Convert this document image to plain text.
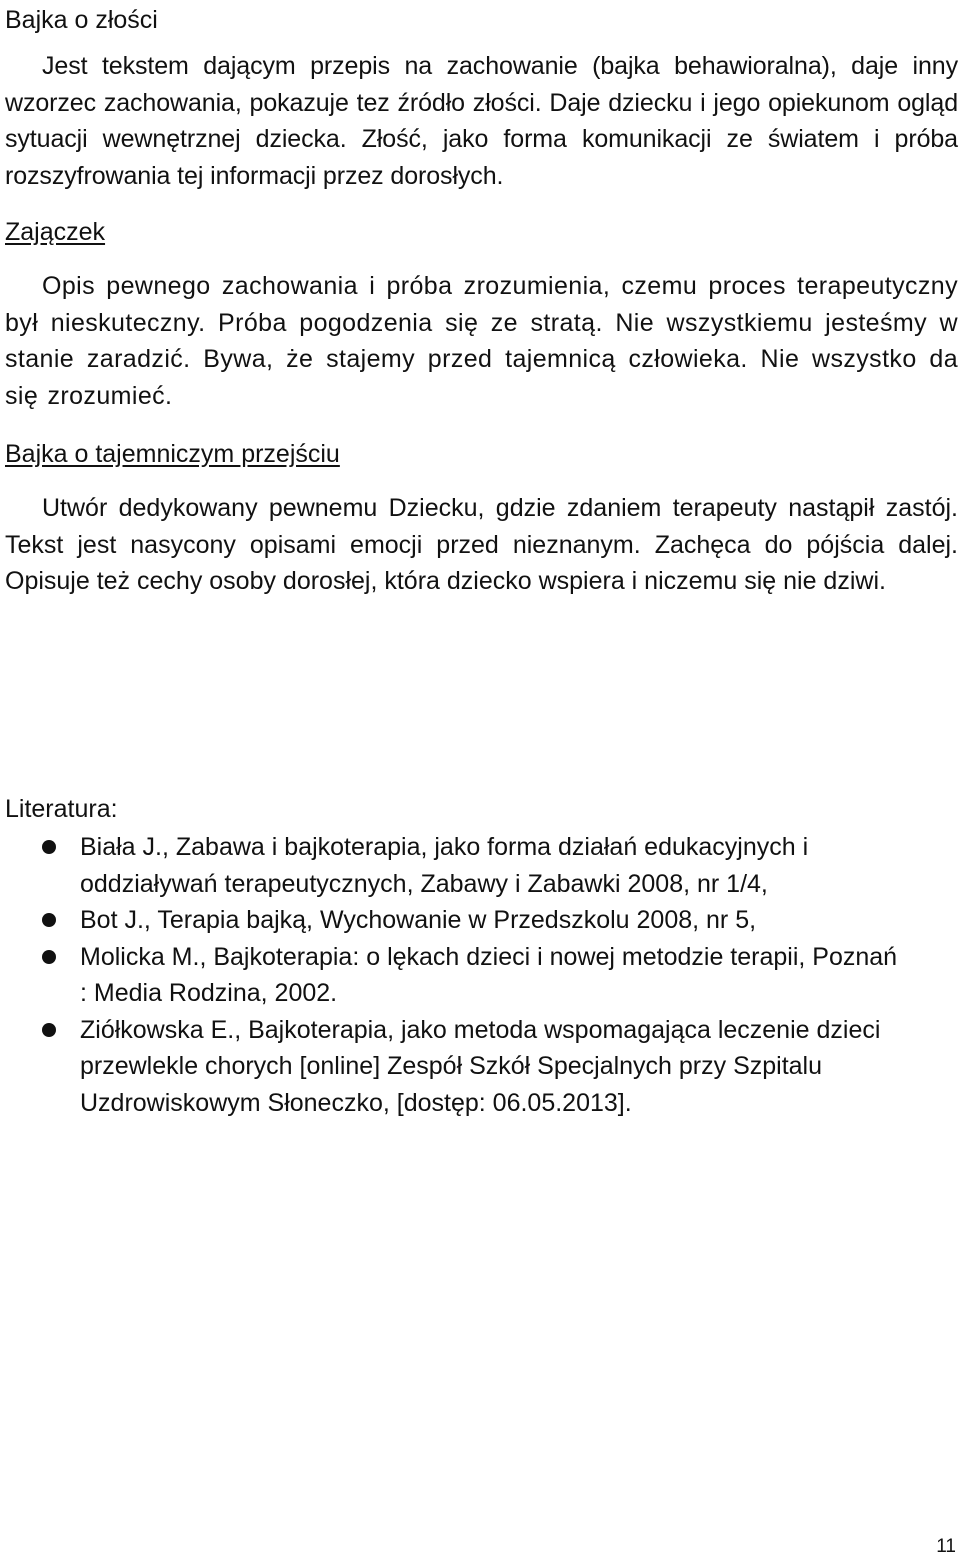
Bajka o złości

Jest tekstem dającym przepis na zachowanie (bajka behawioralna), daje inny wzorzec zachowania, pokazuje tez źródło złości. Daje dziecku i jego opiekunom ogląd sytuacji wewnętrznej dziecka. Złość, jako forma komunikacji ze światem i próba rozszyfrowania tej informacji przez dorosłych.

Zajączek

Opis pewnego zachowania i próba zrozumienia, czemu proces terapeutyczny był nieskuteczny. Próba pogodzenia się ze stratą. Nie wszystkiemu jesteśmy w stanie zaradzić. Bywa, że stajemy przed tajemnicą człowieka. Nie wszystko da się zrozumieć.

Bajka o tajemniczym przejściu

Utwór dedykowany pewnemu Dziecku, gdzie zdaniem terapeuty nastąpił zastój. Tekst jest nasycony opisami emocji przed nieznanym. Zachęca do pójścia dalej. Opisuje też cechy osoby dorosłej, która dziecko wspiera i niczemu się nie dziwi.

Literatura:
Biała J., Zabawa i bajkoterapia, jako forma działań edukacyjnych i oddziaływań terapeutycznych, Zabawy i Zabawki 2008, nr 1/4,
Bot J., Terapia bajką, Wychowanie w Przedszkolu 2008, nr 5,
Molicka M., Bajkoterapia: o lękach dzieci i nowej metodzie terapii, Poznań : Media Rodzina, 2002.
Ziółkowska E., Bajkoterapia, jako metoda wspomagająca leczenie dzieci przewlekle chorych [online] Zespół Szkół Specjalnych przy Szpitalu Uzdrowiskowym Słoneczko, [dostęp: 06.05.2013].
11
